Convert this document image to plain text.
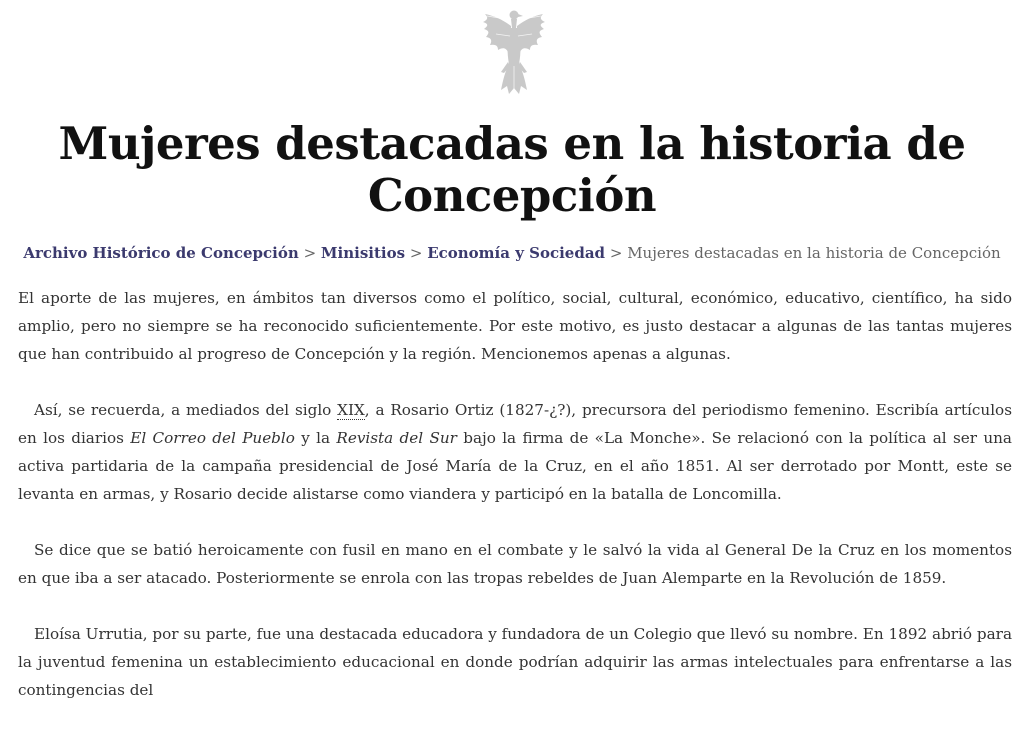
Mujeres destacadas en la historia de
Concepción
Archivo Histórico de Concepción > Minisitios > Economía y Sociedad > Mujeres destacadas en la historia de Concepción

El aporte de las mujeres, en ámbitos tan diversos como el político, social, cultural, económico, educativo, científico, ha sido amplio, pero no siempre se ha reconocido suficientemente. Por este motivo, es justo destacar a algunas de las tantas mujeres que han contribuido al progreso de Concepción y la región. Mencionemos apenas a algunas.

Así, se recuerda, a mediados del siglo XIX, a Rosario Ortiz (1827-¿?), precursora del periodismo femenino. Escribía artículos en los diarios El Correo del Pueblo y la Revista del Sur bajo la firma de «La Monche». Se relacionó con la política al ser una activa partidaria de la campaña presidencial de José María de la Cruz, en el año 1851. Al ser derrotado por Montt, este se levanta en armas, y Rosario decide alistarse como viandera y participó en la batalla de Loncomilla.

Se dice que se batió heroicamente con fusil en mano en el combate y le salvó la vida al General De la Cruz en los momentos en que iba a ser atacado. Posteriormente se enrola con las tropas rebeldes de Juan Alemparte en la Revolución de 1859.

Eloísa Urrutia, por su parte, fue una destacada educadora y fundadora de un Colegio que llevó su nombre. En 1892 abrió para la juventud femenina un establecimiento educacional en donde podrían adquirir las armas intelectuales para enfrentarse a las contingencias del
